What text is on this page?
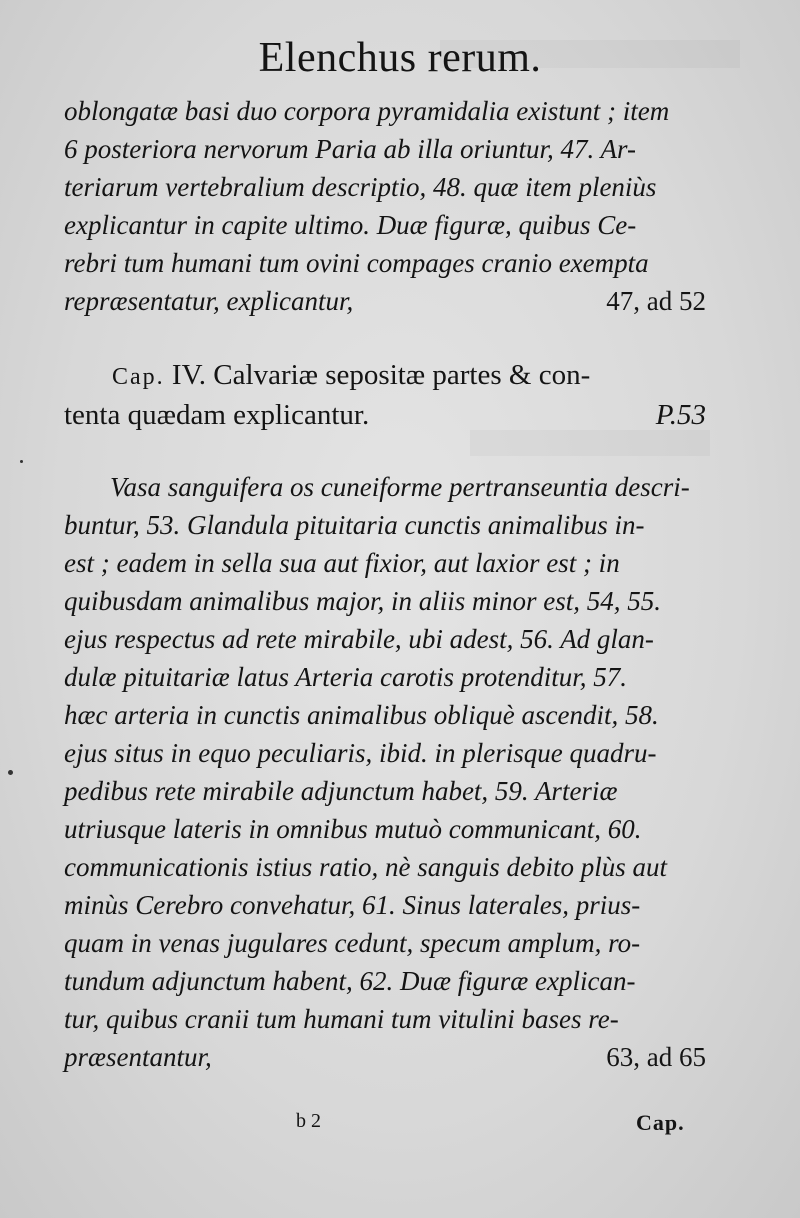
Elenchus rerum.
oblongatæ basi duo corpora pyramidalia existunt ; item
6 posteriora nervorum Paria ab illa oriuntur, 47. Ar-
teriarum vertebralium descriptio, 48. quæ item pleniùs
explicantur in capite ultimo. Duæ figuræ, quibus Ce-
rebri tum humani tum ovini compages cranio exempta
repræsentatur, explicantur,	47, ad 52
Cap. IV. Calvariæ sepositæ partes & con-
tenta quædam explicantur.	P.53
Vasa sanguifera os cuneiforme pertranseuntia descri-
buntur, 53. Glandula pituitaria cunctis animalibus in-
est ; eadem in sella sua aut fixior, aut laxior est ; in
quibusdam animalibus major, in aliis minor est, 54, 55.
ejus respectus ad rete mirabile, ubi adest, 56. Ad glan-
dulæ pituitariæ latus Arteria carotis protenditur, 57.
hæc arteria in cunctis animalibus obliquè ascendit, 58.
ejus situs in equo peculiaris, ibid. in plerisque quadru-
pedibus rete mirabile adjunctum habet, 59. Arteriæ
utriusque lateris in omnibus mutuò communicant, 60.
communicationis istius ratio, nè sanguis debito plùs aut
minùs Cerebro convehatur, 61. Sinus laterales, prius-
quam in venas jugulares cedunt, specum amplum, ro-
tundum adjunctum habent, 62. Duæ figuræ explican-
tur, quibus cranii tum humani tum vitulini bases re-
præsentantur,	63, ad 65
b 2	Cap.
